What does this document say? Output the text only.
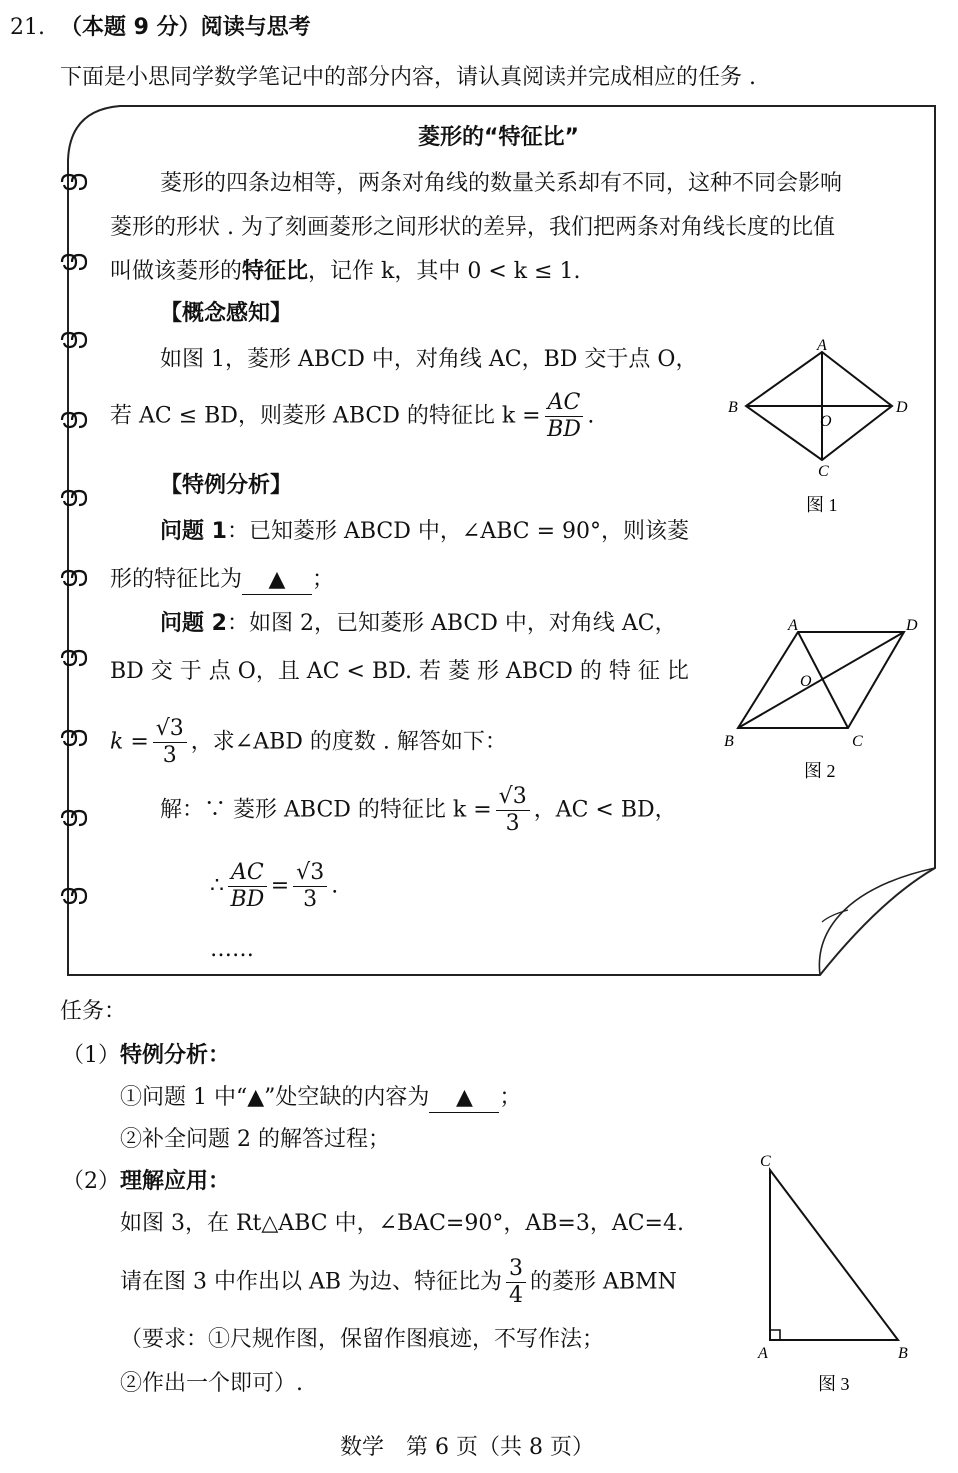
21. （本题 9 分）阅读与思考
下面是小思同学数学笔记中的部分内容，请认真阅读并完成相应的任务 .
菱形的“特征比”
菱形的四条边相等，两条对角线的数量关系却有不同，这种不同会影响
菱形的形状 . 为了刻画菱形之间形状的差异，我们把两条对角线长度的比值
叫做该菱形的特征比，记作 k，其中 0 < k ≤ 1.
【概念感知】
如图 1，菱形 ABCD 中，对角线 AC，BD 交于点 O，
若 AC ≤ BD，则菱形 ABCD 的特征比 $k = \frac{AC}{BD}$ .
【特例分析】
问题 1：已知菱形 ABCD 中，∠ABC = 90°，则该菱
形的特征比为 ▲ ；
问题 2：如图 2，已知菱形 ABCD 中，对角线 AC，
BD 交 于 点 O，且 AC < BD. 若 菱 形 ABCD 的 特 征 比
$k = \frac{√3}{3}$ ，求∠ABD 的度数 . 解答如下：
解：∵ 菱形 ABCD 的特征比 $k = \frac{√3}{3}$ ，AC < BD，
∴ $\frac{AC}{BD} = \frac{√3}{3}$ .
……
A
B
C
D
O
图 1
A	D
B	C
O
图 2
任务：
（1）特例分析：
①问题 1 中“▲”处空缺的内容为 ▲ ；
②补全问题 2 的解答过程；
（2）理解应用：
如图 3，在 Rt△ABC 中，∠BAC=90°，AB=3，AC=4.
请在图 3 中作出以 AB 为边、特征比为 $\frac{3}{4}$ 的菱形 ABMN
（要求：①尺规作图，保留作图痕迹，不写作法；
②作出一个即可）.
C
A	B
图 3
数学　第 6 页（共 8 页）
